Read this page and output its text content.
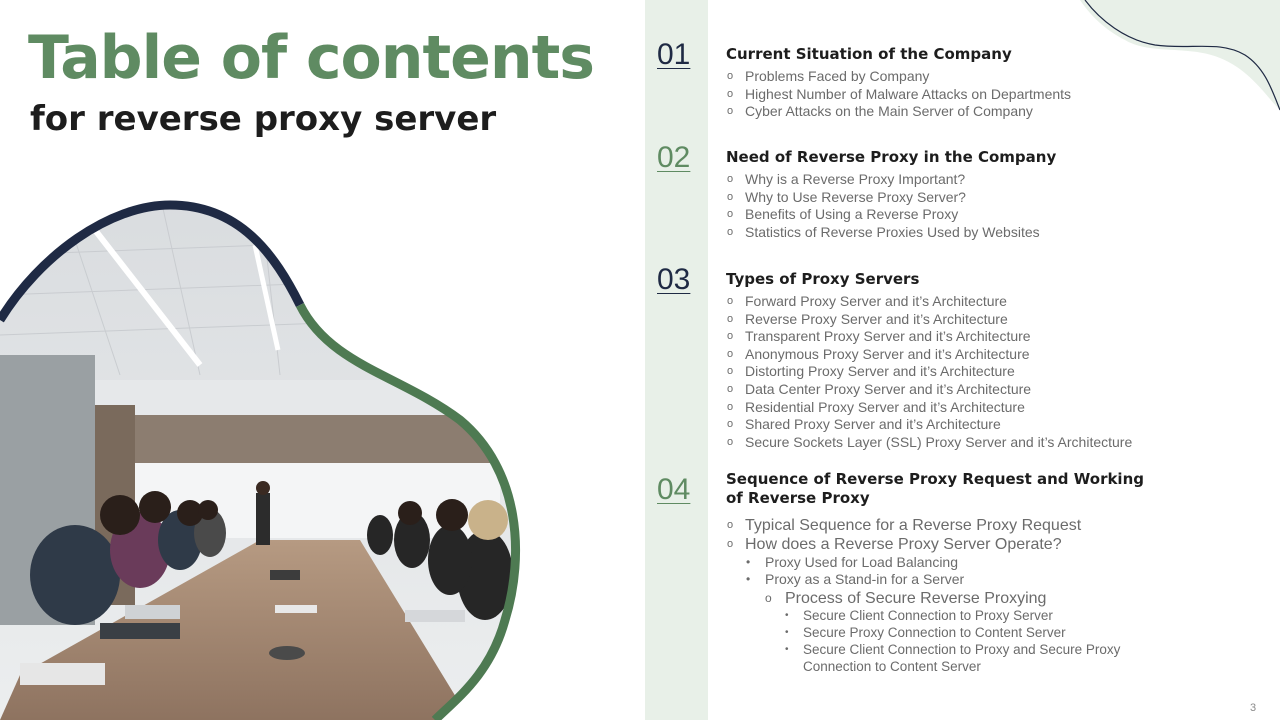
Table of contents
for reverse proxy server
01 Current Situation of the Company
o Problems Faced by Company
o Highest Number of Malware Attacks on Departments
o Cyber Attacks on the Main Server of Company
02 Need of Reverse Proxy in the Company
o Why is a Reverse Proxy Important?
o Why to Use Reverse Proxy Server?
o Benefits of Using a Reverse Proxy
o Statistics of Reverse Proxies Used by Websites
03 Types of Proxy Servers
o Forward Proxy Server and it’s Architecture
o Reverse Proxy Server and it’s Architecture
o Transparent Proxy Server and it’s Architecture
o Anonymous Proxy Server and it’s Architecture
o Distorting Proxy Server and it’s Architecture
o Data Center Proxy Server and it’s Architecture
o Residential Proxy Server and it’s Architecture
o Shared Proxy Server and it’s Architecture
o Secure Sockets Layer (SSL) Proxy Server and it’s Architecture
04 Sequence of Reverse Proxy Request and Working
of Reverse Proxy
o Typical Sequence for a Reverse Proxy Request
o How does a Reverse Proxy Server Operate?
• Proxy Used for Load Balancing
• Proxy as a Stand-in for a Server
o Process of Secure Reverse Proxying
• Secure Client Connection to Proxy Server
• Secure Proxy Connection to Content Server
• Secure Client Connection to Proxy and Secure Proxy
Connection to Content Server
3
